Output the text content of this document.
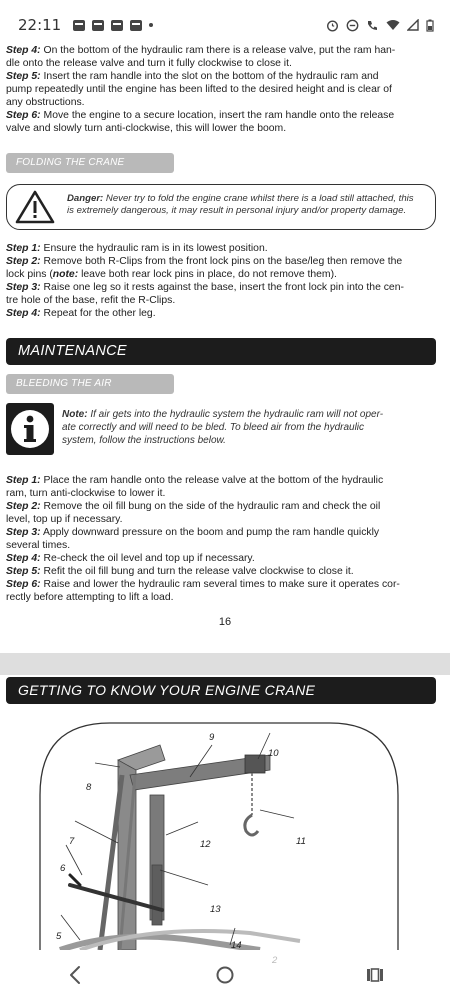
22:11

Step 4: On the bottom of the hydraulic ram there is a release valve, put the ram han-
dle onto the release valve and turn it fully clockwise to close it.

Step 5: Insert the ram handle into the slot on the bottom of the hydraulic ram and
pump repeatedly until the engine has been lifted to the desired height and is clear of
any obstructions.

Step 6: Move the engine to a secure location, insert the ram handle onto the release
valve and slowly turn anti-clockwise, this will lower the boom.

FOLDING THE CRANE
Danger: Never try to fold the engine crane whilst there is a load still attached, this
is extremely dangerous, it may result in personal injury and/or property damage.

Step 1: Ensure the hydraulic ram is in its lowest position.

Step 2: Remove both R-Clips from the front lock pins on the base/leg then remove the
lock pins (note: leave both rear lock pins in place, do not remove them).

Step 3: Raise one leg so it rests against the base, insert the front lock pin into the cen-
tre hole of the base, refit the R-Clips.

Step 4: Repeat for the other leg.

MAINTENANCE
BLEEDING THE AIR
Note: If air gets into the hydraulic system the hydraulic ram will not oper-
ate correctly and will need to be bled. To bleed air from the hydraulic
system, follow the instructions below.

Step 1: Place the ram handle onto the release valve at the bottom of the hydraulic
ram, turn anti-clockwise to lower it.

Step 2: Remove the oil fill bung on the side of the hydraulic ram and check the oil
level, top up if necessary.

Step 3: Apply downward pressure on the boom and pump the ram handle quickly
several times.

Step 4: Re-check the oil level and top up if necessary.

Step 5: Refit the oil fill bung and turn the release valve clockwise to close it.

Step 6: Raise and lower the hydraulic ram several times to make sure it operates cor-
rectly before attempting to lift a load.

16
GETTING TO KNOW YOUR ENGINE CRANE
9
10
8
12	11
7
6
13
5
14
2
